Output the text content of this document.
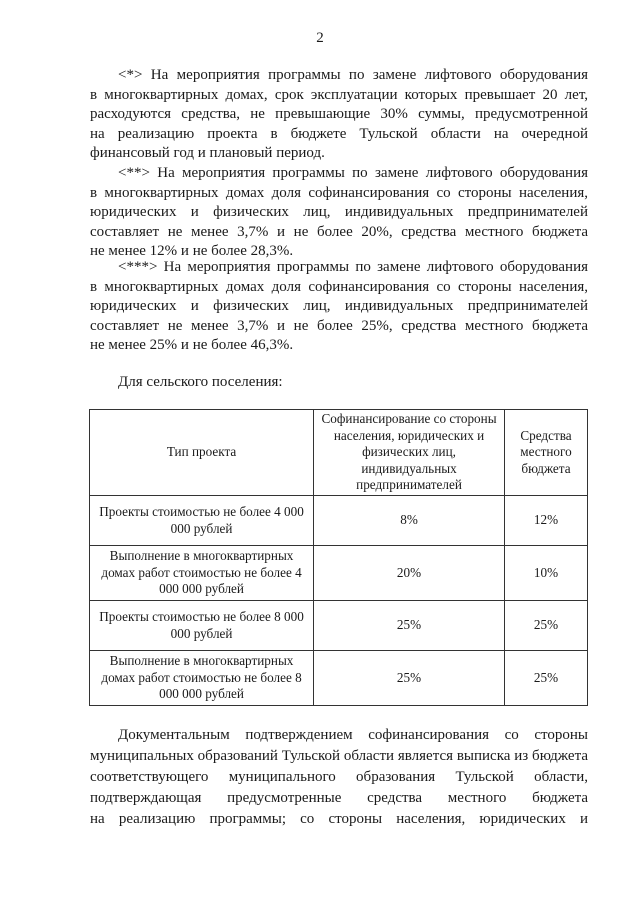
2
<*> На мероприятия программы по замене лифтового оборудования
в многоквартирных домах, срок эксплуатации которых превышает 20 лет,
расходуются средства, не превышающие 30% суммы, предусмотренной
на реализацию проекта в бюджете Тульской области на очередной
финансовый год и плановый период.
<**> На мероприятия программы по замене лифтового оборудования
в многоквартирных домах доля софинансирования со стороны населения,
юридических и физических лиц, индивидуальных предпринимателей
составляет не менее 3,7% и не более 20%, средства местного бюджета
не менее 12% и не более 28,3%.
<***> На мероприятия программы по замене лифтового оборудования
в многоквартирных домах доля софинансирования со стороны населения,
юридических и физических лиц, индивидуальных предпринимателей
составляет не менее 3,7% и не более 25%, средства местного бюджета
не менее 25% и не более 46,3%.
Для сельского поселения:
Тип проекта	Софинансирование со стороны населения, юридических и физических лиц, индивидуальных предпринимателей	Средства местного бюджета
Проекты стоимостью не более 4 000 000 рублей	8%	12%
Выполнение в многоквартирных домах работ стоимостью не более 4 000 000 рублей	20%	10%
Проекты стоимостью не более 8 000 000 рублей	25%	25%
Выполнение в многоквартирных домах работ стоимостью не более 8 000 000 рублей	25%	25%
Документальным подтверждением софинансирования со стороны
муниципальных образований Тульской области является выписка из бюджета
соответствующего муниципального образования Тульской области,
подтверждающая предусмотренные средства местного бюджета
на реализацию программы; со стороны населения, юридических и
